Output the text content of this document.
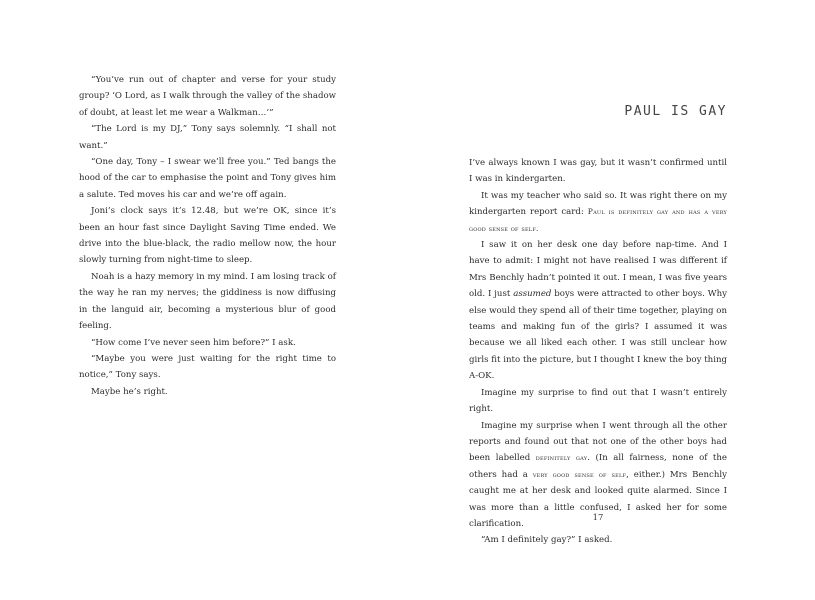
“You’ve run out of chapter and verse for your study group? ‘O Lord, as I walk through the valley of the shadow of doubt, at least let me wear a Walkman…’”

“The Lord is my DJ,” Tony says solemnly. “I shall not want.”

“One day, Tony – I swear we’ll free you.” Ted bangs the hood of the car to emphasise the point and Tony gives him a salute. Ted moves his car and we’re off again.

Joni’s clock says it’s 12.48, but we’re OK, since it’s been an hour fast since Daylight Saving Time ended. We drive into the blue-black, the radio mellow now, the hour slowly turning from night-time to sleep.

Noah is a hazy memory in my mind. I am losing track of the way he ran my nerves; the giddiness is now diffusing in the languid air, becoming a mysterious blur of good feeling.

“How come I’ve never seen him before?” I ask.

“Maybe you were just waiting for the right time to notice,” Tony says.

Maybe he’s right.

PAUL IS GAY

I’ve always known I was gay, but it wasn’t confirmed until I was in kindergarten.

It was my teacher who said so. It was right there on my kindergarten report card: Paul is definitely gay and has a very good sense of self.

I saw it on her desk one day before nap-time. And I have to admit: I might not have realised I was different if Mrs Benchly hadn’t pointed it out. I mean, I was five years old. I just assumed boys were attracted to other boys. Why else would they spend all of their time together, playing on teams and making fun of the girls? I assumed it was because we all liked each other. I was still unclear how girls fit into the picture, but I thought I knew the boy thing A-OK.

Imagine my surprise to find out that I wasn’t entirely right.

Imagine my surprise when I went through all the other reports and found out that not one of the other boys had been labelled definitely gay. (In all fairness, none of the others had a very good sense of self, either.) Mrs Benchly caught me at her desk and looked quite alarmed. Since I was more than a little confused, I asked her for some clarification.

“Am I definitely gay?” I asked.

17
